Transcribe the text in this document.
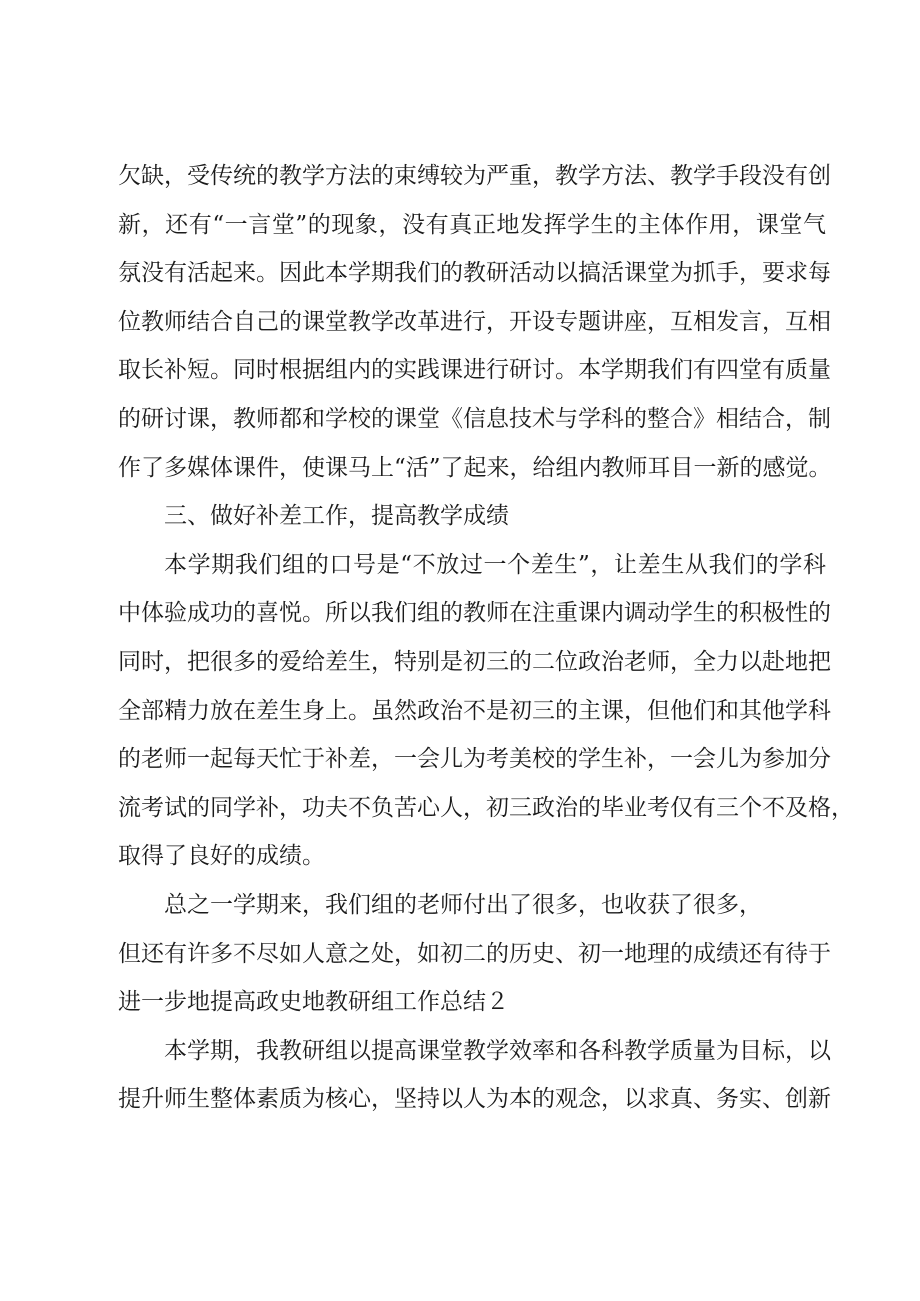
欠缺，受传统的教学方法的束缚较为严重，教学方法、教学手段没有创

新，还有“一言堂”的现象，没有真正地发挥学生的主体作用，课堂气

氛没有活起来。因此本学期我们的教研活动以搞活课堂为抓手，要求每

位教师结合自己的课堂教学改革进行，开设专题讲座，互相发言，互相

取长补短。同时根据组内的实践课进行研讨。本学期我们有四堂有质量

的研讨课，教师都和学校的课堂《信息技术与学科的整合》相结合，制

作了多媒体课件，使课马上“活”了起来，给组内教师耳目一新的感觉。

三、做好补差工作，提高教学成绩

本学期我们组的口号是“不放过一个差生”，让差生从我们的学科

中体验成功的喜悦。所以我们组的教师在注重课内调动学生的积极性的

同时，把很多的爱给差生，特别是初三的二位政治老师，全力以赴地把

全部精力放在差生身上。虽然政治不是初三的主课，但他们和其他学科

的老师一起每天忙于补差，一会儿为考美校的学生补，一会儿为参加分

流考试的同学补，功夫不负苦心人，初三政治的毕业考仅有三个不及格，

取得了良好的成绩。

总之一学期来，我们组的老师付出了很多，也收获了很多，

但还有许多不尽如人意之处，如初二的历史、初一地理的成绩还有待于

进一步地提高政史地教研组工作总结２

本学期，我教研组以提高课堂教学效率和各科教学质量为目标，以

提升师生整体素质为核心，坚持以人为本的观念，以求真、务实、创新
